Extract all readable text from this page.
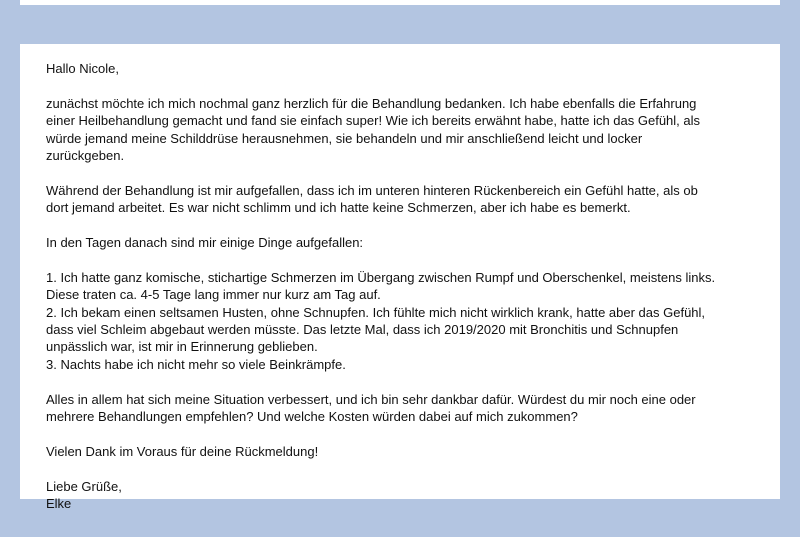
Hallo Nicole,

zunächst möchte ich mich nochmal ganz herzlich für die Behandlung bedanken. Ich habe ebenfalls die Erfahrung
einer Heilbehandlung gemacht und fand sie einfach super! Wie ich bereits erwähnt habe, hatte ich das Gefühl, als
würde jemand meine Schilddrüse herausnehmen, sie behandeln und mir anschließend leicht und locker
zurückgeben.

Während der Behandlung ist mir aufgefallen, dass ich im unteren hinteren Rückenbereich ein Gefühl hatte, als ob
dort jemand arbeitet. Es war nicht schlimm und ich hatte keine Schmerzen, aber ich habe es bemerkt.

In den Tagen danach sind mir einige Dinge aufgefallen:

1. Ich hatte ganz komische, stichartige Schmerzen im Übergang zwischen Rumpf und Oberschenkel, meistens links.
Diese traten ca. 4-5 Tage lang immer nur kurz am Tag auf.
2. Ich bekam einen seltsamen Husten, ohne Schnupfen. Ich fühlte mich nicht wirklich krank, hatte aber das Gefühl,
dass viel Schleim abgebaut werden müsste. Das letzte Mal, dass ich 2019/2020 mit Bronchitis und Schnupfen
unpässlich war, ist mir in Erinnerung geblieben.
3. Nachts habe ich nicht mehr so viele Beinkrämpfe.

Alles in allem hat sich meine Situation verbessert, und ich bin sehr dankbar dafür. Würdest du mir noch eine oder
mehrere Behandlungen empfehlen? Und welche Kosten würden dabei auf mich zukommen?

Vielen Dank im Voraus für deine Rückmeldung!

Liebe Grüße,
Elke
